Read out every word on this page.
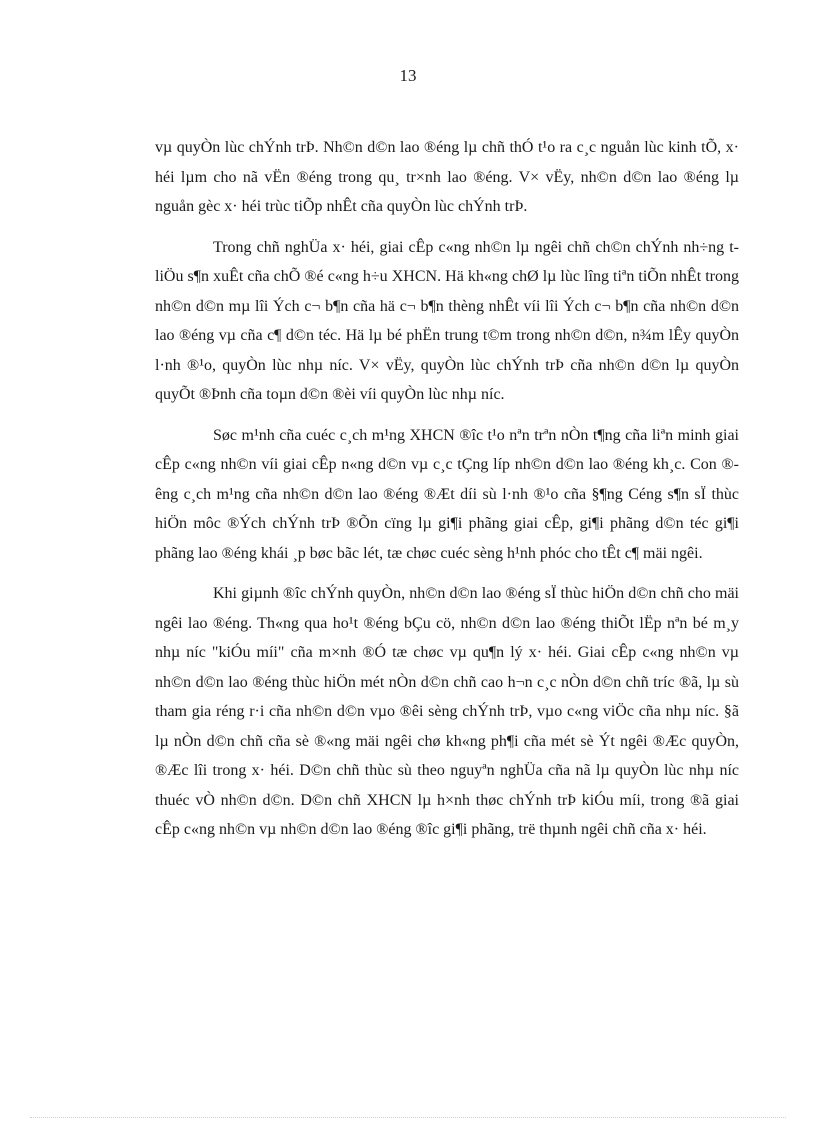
13

vµ quyÒn lùc chÝnh trÞ. Nh©n d©n lao ®éng lµ chñ thÓ t¹o ra c¸c nguån lùc kinh tÕ, x· héi lµm cho nã vËn ®éng trong qu¸ tr×nh lao ®éng. V× vËy, nh©n d©n lao ®éng lµ nguån gèc x· héi trùc tiÕp nhÊt cña quyÒn lùc chÝnh trÞ.

Trong chñ nghÜa x· héi, giai cÊp c«ng nh©n lµ ngêi chñ ch©n chÝnh nh÷ng t liÖu s¶n xuÊt cña chÕ ®é c«ng h÷u XHCN. Hä kh«ng chØ lµ lùc lîng tiªn tiÕn nhÊt trong nh©n d©n mµ lîi Ých c¬ b¶n cña hä c¬ b¶n thèng nhÊt víi lîi Ých c¬ b¶n cña nh©n d©n lao ®éng vµ cña c¶ d©n téc. Hä lµ bé phËn trung t©m trong nh©n d©n, n¾m lÊy quyÒn l·nh ®¹o, quyÒn lùc nhµ níc. V× vËy, quyÒn lùc chÝnh trÞ cña nh©n d©n lµ quyÒn quyÕt ®Þnh cña toµn d©n ®èi víi quyÒn lùc nhµ níc.

Søc m¹nh cña cuéc c¸ch m¹ng XHCN ®îc t¹o nªn trªn nÒn t¶ng cña liªn minh giai cÊp c«ng nh©n víi giai cÊp n«ng d©n vµ c¸c tÇng líp nh©n d©n lao ®éng kh¸c. Con ®êng c¸ch m¹ng cña nh©n d©n lao ®éng ®Æt díi sù l·nh ®¹o cña §¶ng Céng s¶n sÏ thùc hiÖn môc ®Ých chÝnh trÞ ®Õn cïng lµ gi¶i phãng giai cÊp, gi¶i phãng d©n téc gi¶i phãng lao ®éng khái ¸p bøc bãc lét, tæ chøc cuéc sèng h¹nh phóc cho tÊt c¶ mäi ngêi.

Khi giµnh ®îc chÝnh quyÒn, nh©n d©n lao ®éng sÏ thùc hiÖn d©n chñ cho mäi ngêi lao ®éng. Th«ng qua ho¹t ®éng bÇu cö, nh©n d©n lao ®éng thiÕt lËp nªn bé m¸y nhµ níc "kiÓu míi" cña m×nh ®Ó tæ chøc vµ qu¶n lý x· héi. Giai cÊp c«ng nh©n vµ nh©n d©n lao ®éng thùc hiÖn mét nÒn d©n chñ cao h¬n c¸c nÒn d©n chñ tríc ®ã, lµ sù tham gia réng r·i cña nh©n d©n vµo ®êi sèng chÝnh trÞ, vµo c«ng viÖc cña nhµ níc. §ã lµ nÒn d©n chñ cña sè ®«ng mäi ngêi chø kh«ng ph¶i cña mét sè Ýt ngêi ®Æc quyÒn, ®Æc lîi trong x· héi. D©n chñ thùc sù theo nguyªn nghÜa cña nã lµ quyÒn lùc nhµ níc thuéc vÒ nh©n d©n. D©n chñ XHCN lµ h×nh thøc chÝnh trÞ kiÓu míi, trong ®ã giai cÊp c«ng nh©n vµ nh©n d©n lao ®éng ®îc gi¶i phãng, trë thµnh ngêi chñ cña x· héi.
